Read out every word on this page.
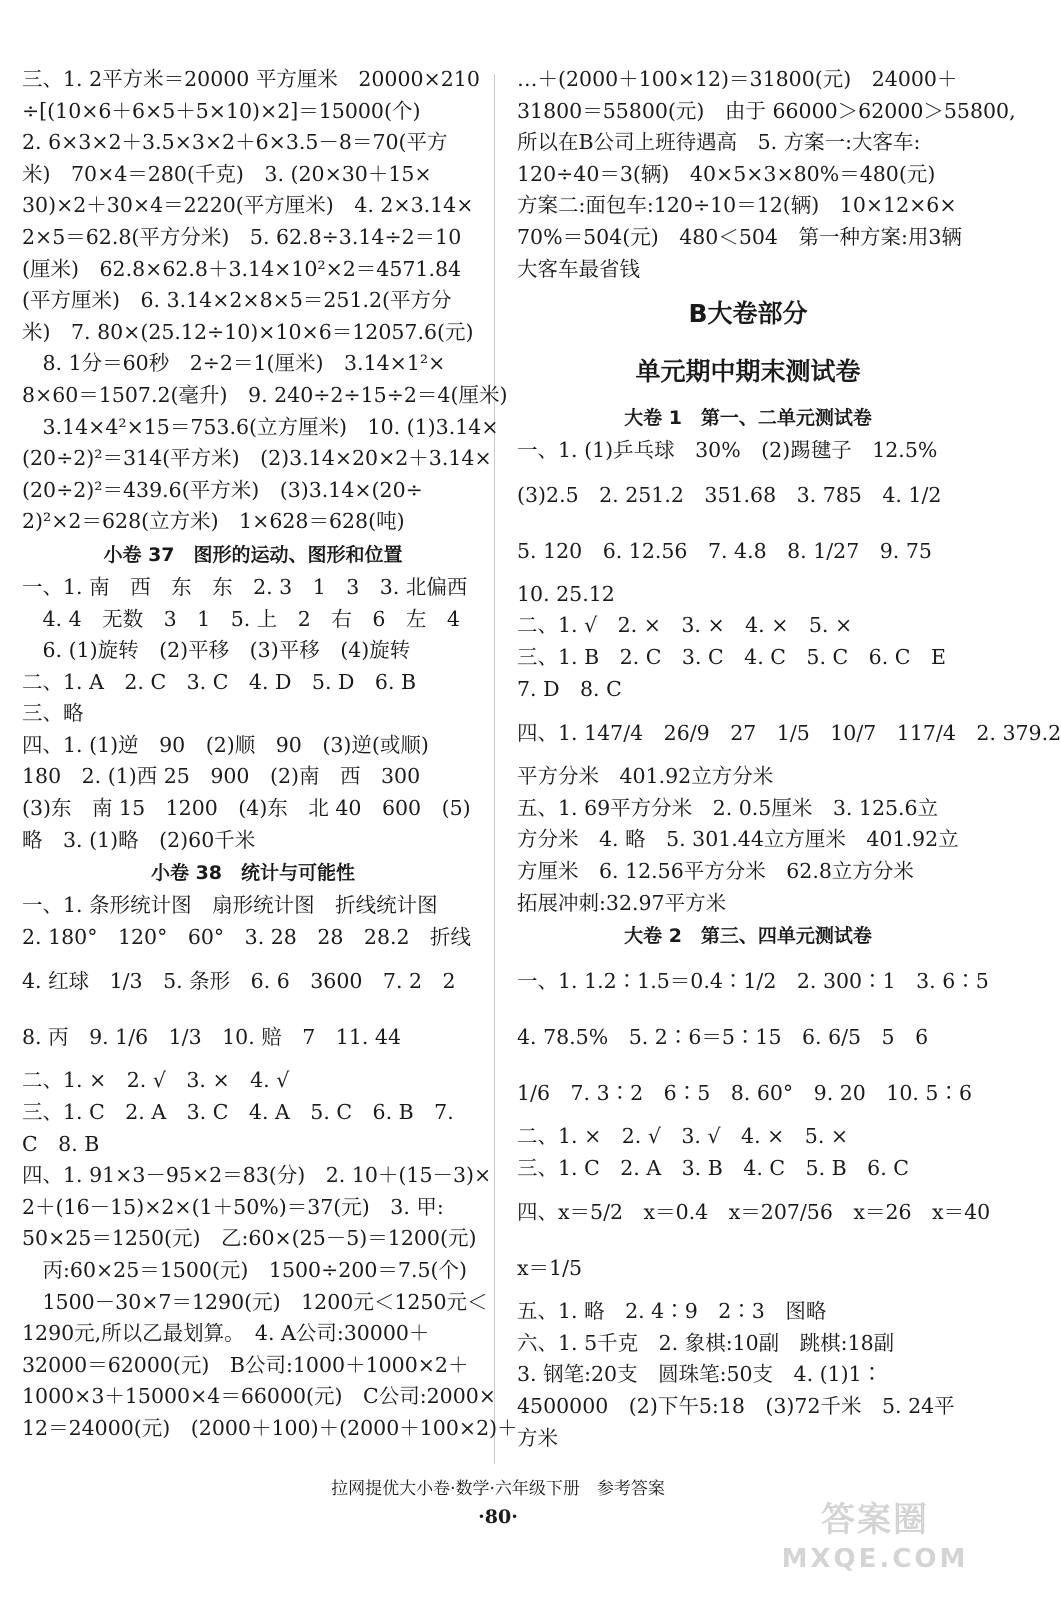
三、1. 2平方米＝20000 平方厘米　20000×210
÷[(10×6＋6×5＋5×10)×2]＝15000(个)
2. 6×3×2＋3.5×3×2＋6×3.5－8＝70(平方
米)　70×4＝280(千克)　3. (20×30＋15×
30)×2＋30×4＝2220(平方厘米)　4. 2×3.14×
2×5＝62.8(平方分米)　5. 62.8÷3.14÷2＝10
(厘米)　62.8×62.8＋3.14×10²×2＝4571.84
(平方厘米)　6. 3.14×2×8×5＝251.2(平方分
米)　7. 80×(25.12÷10)×10×6＝12057.6(元)
　8. 1分＝60秒　2÷2＝1(厘米)　3.14×1²×
8×60＝1507.2(毫升)　9. 240÷2÷15÷2＝4(厘米)
　3.14×4²×15＝753.6(立方厘米)　10. (1)3.14×
(20÷2)²＝314(平方米)　(2)3.14×20×2＋3.14×
(20÷2)²＝439.6(平方米)　(3)3.14×(20÷
2)²×2＝628(立方米)　1×628＝628(吨)
小卷 37　图形的运动、图形和位置
一、1. 南　西　东　东　2. 3　1　3　3. 北偏西
　4. 4　无数　3　1　5. 上　2　右　6　左　4
　6. (1)旋转　(2)平移　(3)平移　(4)旋转
二、1. A　2. C　3. C　4. D　5. D　6. B
三、略
四、1. (1)逆　90　(2)顺　90　(3)逆(或顺)
180　2. (1)西 25　900　(2)南　西　300
(3)东　南 15　1200　(4)东　北 40　600　(5)
略　3. (1)略　(2)60千米
小卷 38　统计与可能性
一、1. 条形统计图　扇形统计图　折线统计图
2. 180°　120°　60°　3. 28　28　28.2　折线
4. 红球　1/3　5. 条形　6. 6　3600　7. 2　2
8. 丙　9. 1/6　1/3　10. 赔　7　11. 44
二、1. ×　2. √　3. ×　4. √
三、1. C　2. A　3. C　4. A　5. C　6. B　7.
C　8. B
四、1. 91×3－95×2＝83(分)　2. 10＋(15－3)×
2＋(16－15)×2×(1＋50%)＝37(元)　3. 甲:
50×25＝1250(元)　乙:60×(25－5)＝1200(元)
　丙:60×25＝1500(元)　1500÷200＝7.5(个)
　1500－30×7＝1290(元)　1200元＜1250元＜
1290元,所以乙最划算。　4. A公司:30000＋
32000＝62000(元)　B公司:1000＋1000×2＋
1000×3＋15000×4＝66000(元)　C公司:2000×
12＝24000(元)　(2000＋100)＋(2000＋100×2)＋
…＋(2000＋100×12)＝31800(元)　24000＋
31800＝55800(元)　由于 66000＞62000＞55800,
所以在B公司上班待遇高　5. 方案一:大客车:
120÷40＝3(辆)　40×5×3×80%＝480(元)
方案二:面包车:120÷10＝12(辆)　10×12×6×
70%＝504(元)　480＜504　第一种方案:用3辆
大客车最省钱
B大卷部分
单元期中期末测试卷
大卷 1　第一、二单元测试卷
一、1. (1)乒乓球　30%　(2)踢毽子　12.5%
(3)2.5　2. 251.2　351.68　3. 785　4. 1/2
5. 120　6. 12.56　7. 4.8　8. 1/27　9. 75
10. 25.12
二、1. √　2. ×　3. ×　4. ×　5. ×
三、1. B　2. C　3. C　4. C　5. C　6. C　E
7. D　8. C
四、1. 147/4　26/9　27　1/5　10/7　117/4　2. 379.2
平方分米　401.92立方分米
五、1. 69平方分米　2. 0.5厘米　3. 125.6立
方分米　4. 略　5. 301.44立方厘米　401.92立
方厘米　6. 12.56平方分米　62.8立方分米
拓展冲刺:32.97平方米
大卷 2　第三、四单元测试卷
一、1. 1.2∶1.5＝0.4∶1/2　2. 300∶1　3. 6∶5
4. 78.5%　5. 2∶6＝5∶15　6. 6/5　5　6
1/6　7. 3∶2　6∶5　8. 60°　9. 20　10. 5∶6
二、1. ×　2. √　3. √　4. ×　5. ×
三、1. C　2. A　3. B　4. C　5. B　6. C
四、x＝5/2　x＝0.4　x＝207/56　x＝26　x＝40
x＝1/5
五、1. 略　2. 4∶9　2∶3　图略
六、1. 5千克　2. 象棋:10副　跳棋:18副
3. 钢笔:20支　圆珠笔:50支　4. (1)1∶
4500000　(2)下午5:18　(3)72千米　5. 24平
方米
拉网提优大小卷·数学·六年级下册　参考答案
·80·	答案圈
MXQE.COM
